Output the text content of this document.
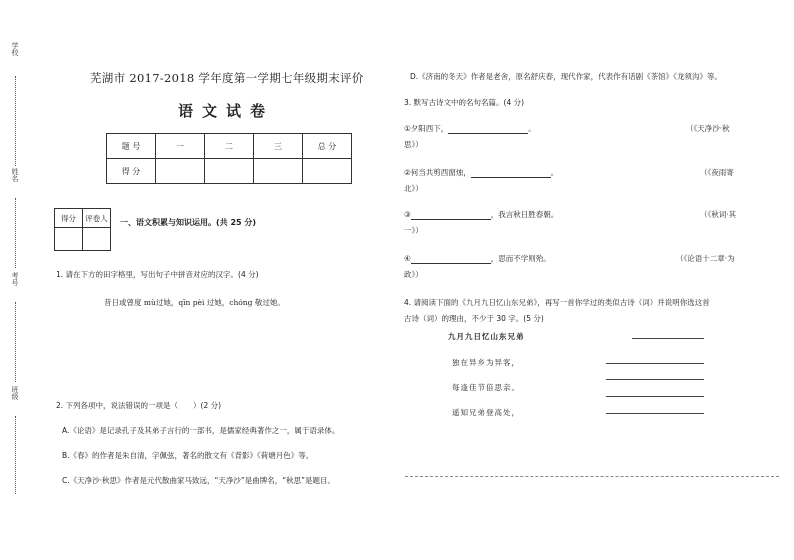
学校
姓名
考号
班级
芜湖市 2017-2018 学年度第一学期七年级期末评价
语文试卷
题 号	一	二	三	总 分
得 分				
得分	评卷人
	一、语文积累与知识运用。(共 25 分)
1. 请在下方的田字格里，写出句子中拼音对应的汉字。(4 分)
昔日或曾度 mù过她，qīn pèi 过她，chóng 敬过她。
2. 下列各项中，说法错误的一项是（　　）(2 分)
A.《论语》是记录孔子及其弟子言行的一部书，是儒家经典著作之一，属于语录体。
B.《春》的作者是朱自清，字佩弦，著名的散文有《背影》《荷塘月色》等。
C.《天净沙·秋思》作者是元代散曲家马致远，“天净沙”是曲牌名，“秋思”是题目。
D.《济南的冬天》作者是老舍，原名舒庆春，现代作家，代表作有话剧《茶馆》《龙须沟》等。
3. 默写古诗文中的名句名篇。(4 分)
①夕阳西下，	。	（《天净沙·秋
思》）
②何当共剪西窗烛，	。	（《夜雨寄
北》）
③	，我言秋日胜春朝。	（《秋词·其
一》）
④	，思而不学则殆。	（《论语十二章·为
政》）
4. 请阅读下面的《九月九日忆山东兄弟》，再写一首你学过的类似古诗（词）并说明你选这首
古诗（词）的理由，不少于 30 字。(5 分)
九月九日忆山东兄弟
独在异乡为异客，
每逢佳节倍思亲。
遥知兄弟登高处，
